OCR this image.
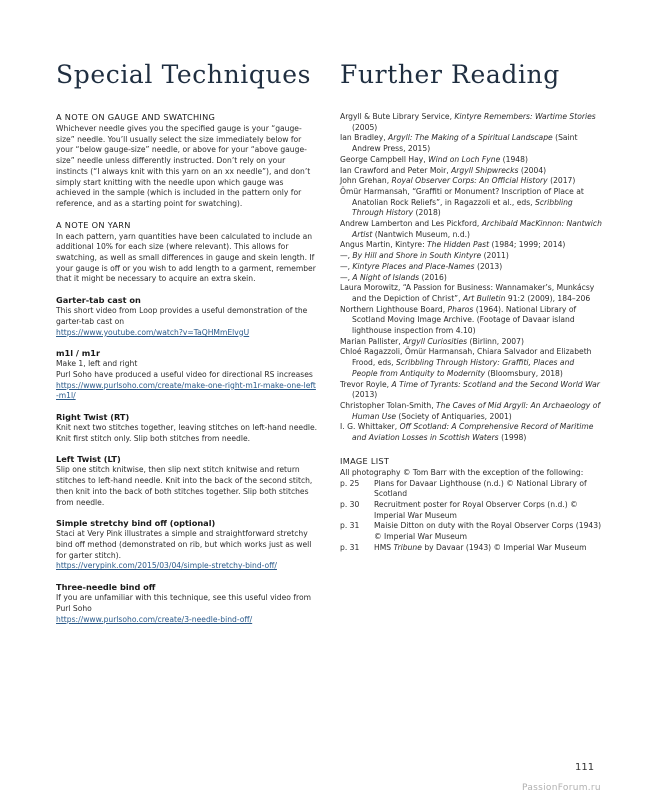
Special Techniques

A NOTE ON GAUGE AND SWATCHING

Whichever needle gives you the specified gauge is your “gauge-size” needle. You’ll usually select the size immediately below for your “below gauge-size” needle, or above for your “above gauge-size” needle unless differently instructed. Don’t rely on your instincts (“I always knit with this yarn on an xx needle”), and don’t simply start knitting with the needle upon which gauge was achieved in the sample (which is included in the pattern only for reference, and as a starting point for swatching).

A NOTE ON YARN

In each pattern, yarn quantities have been calculated to include an additional 10% for each size (where relevant). This allows for swatching, as well as small differences in gauge and skein length. If your gauge is off or you wish to add length to a garment, remember that it might be necessary to acquire an extra skein.

Garter-tab cast on

This short video from Loop provides a useful demonstration of the garter-tab cast on

https://www.youtube.com/watch?v=TaQHMmElvgU

m1l / m1r

Make 1, left and right
Purl Soho have produced a useful video for directional RS increases

https://www.purlsoho.com/create/make-one-right-m1r-make-one-left-m1l/

Right Twist (RT)

Knit next two stitches together, leaving stitches on left-hand needle. Knit first stitch only. Slip both stitches from needle.

Left Twist (LT)

Slip one stitch knitwise, then slip next stitch knitwise and return stitches to left-hand needle. Knit into the back of the second stitch, then knit into the back of both stitches together. Slip both stitches from needle.

Simple stretchy bind off (optional)

Staci at Very Pink illustrates a simple and straightforward stretchy bind off method (demonstrated on rib, but which works just as well for garter stitch).

https://verypink.com/2015/03/04/simple-stretchy-bind-off/

Three-needle bind off

If you are unfamiliar with this technique, see this useful video from Purl Soho

https://www.purlsoho.com/create/3-needle-bind-off/
Further Reading

Argyll & Bute Library Service, Kintyre Remembers: Wartime Stories (2005)

Ian Bradley, Argyll: The Making of a Spiritual Landscape (Saint Andrew Press, 2015)

George Campbell Hay, Wind on Loch Fyne (1948)

Ian Crawford and Peter Moir, Argyll Shipwrecks (2004)

John Grehan, Royal Observer Corps: An Official History (2017)

Ömür Harmansah, “Graffiti or Monument? Inscription of Place at Anatolian Rock Reliefs”, in Ragazzoli et al., eds, Scribbling Through History (2018)

Andrew Lamberton and Les Pickford, Archibald MacKinnon: Nantwich Artist (Nantwich Museum, n.d.)

Angus Martin, Kintyre: The Hidden Past (1984; 1999; 2014)

—, By Hill and Shore in South Kintyre (2011)

—, Kintyre Places and Place-Names (2013)

—, A Night of Islands (2016)

Laura Morowitz, “A Passion for Business: Wannamaker’s, Munkácsy and the Depiction of Christ”, Art Bulletin 91:2 (2009), 184–206

Northern Lighthouse Board, Pharos (1964). National Library of Scotland Moving Image Archive. (Footage of Davaar island lighthouse inspection from 4.10)

Marian Pallister, Argyll Curiosities (Birlinn, 2007)

Chloé Ragazzoli, Ömür Harmansah, Chiara Salvador and Elizabeth Frood, eds, Scribbling Through History: Graffiti, Places and People from Antiquity to Modernity (Bloomsbury, 2018)

Trevor Royle, A Time of Tyrants: Scotland and the Second World War (2013)

Christopher Tolan-Smith, The Caves of Mid Argyll: An Archaeology of Human Use (Society of Antiquaries, 2001)

I. G. Whittaker, Off Scotland: A Comprehensive Record of Maritime and Aviation Losses in Scottish Waters (1998)

IMAGE LIST

All photography © Tom Barr with the exception of the following:

p. 25	Plans for Davaar Lighthouse (n.d.) © National Library of Scotland
p. 30	Recruitment poster for Royal Observer Corps (n.d.) © Imperial War Museum
p. 31	Maisie Ditton on duty with the Royal Observer Corps (1943) © Imperial War Museum
p. 31	HMS Tribune by Davaar (1943) © Imperial War Museum
111
PassionForum.ru
